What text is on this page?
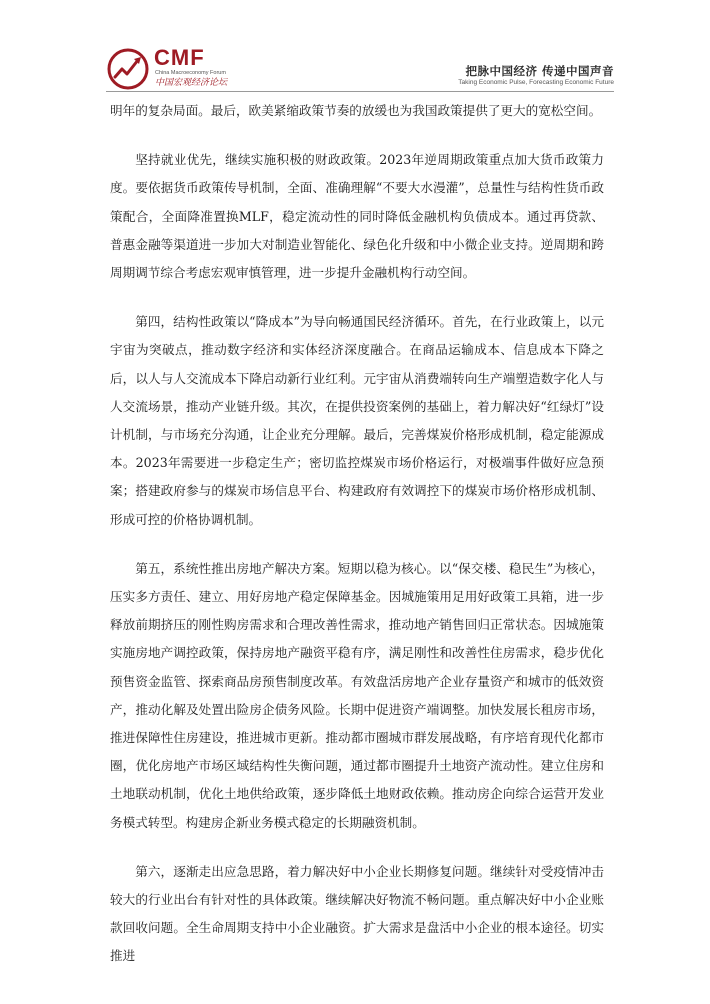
CMF
China Macroeconomy Forum
中国宏观经济论坛
把脉中国经济 传递中国声音
Taking Economic Pulse, Forecasting Economic Future

明年的复杂局面。最后，欧美紧缩政策节奏的放缓也为我国政策提供了更大的宽松空间。

坚持就业优先，继续实施积极的财政政策。2023年逆周期政策重点加大货币政策力度。要依据货币政策传导机制，全面、准确理解“不要大水漫灌”，总量性与结构性货币政策配合，全面降准置换MLF，稳定流动性的同时降低金融机构负债成本。通过再贷款、普惠金融等渠道进一步加大对制造业智能化、绿色化升级和中小微企业支持。逆周期和跨周期调节综合考虑宏观审慎管理，进一步提升金融机构行动空间。

第四，结构性政策以“降成本”为导向畅通国民经济循环。首先，在行业政策上，以元宇宙为突破点，推动数字经济和实体经济深度融合。在商品运输成本、信息成本下降之后，以人与人交流成本下降启动新行业红利。元宇宙从消费端转向生产端塑造数字化人与人交流场景，推动产业链升级。其次，在提供投资案例的基础上，着力解决好“红绿灯”设计机制，与市场充分沟通，让企业充分理解。最后，完善煤炭价格形成机制，稳定能源成本。2023年需要进一步稳定生产；密切监控煤炭市场价格运行，对极端事件做好应急预案；搭建政府参与的煤炭市场信息平台、构建政府有效调控下的煤炭市场价格形成机制、形成可控的价格协调机制。

第五，系统性推出房地产解决方案。短期以稳为核心。以“保交楼、稳民生”为核心，压实多方责任、建立、用好房地产稳定保障基金。因城施策用足用好政策工具箱，进一步释放前期挤压的刚性购房需求和合理改善性需求，推动地产销售回归正常状态。因城施策实施房地产调控政策，保持房地产融资平稳有序，满足刚性和改善性住房需求，稳步优化预售资金监管、探索商品房预售制度改革。有效盘活房地产企业存量资产和城市的低效资产，推动化解及处置出险房企债务风险。长期中促进资产端调整。加快发展长租房市场，推进保障性住房建设，推进城市更新。推动都市圈城市群发展战略，有序培育现代化都市圈，优化房地产市场区域结构性失衡问题，通过都市圈提升土地资产流动性。建立住房和土地联动机制，优化土地供给政策，逐步降低土地财政依赖。推动房企向综合运营开发业务模式转型。构建房企新业务模式稳定的长期融资机制。

第六，逐渐走出应急思路，着力解决好中小企业长期修复问题。继续针对受疫情冲击较大的行业出台有针对性的具体政策。继续解决好物流不畅问题。重点解决好中小企业账款回收问题。全生命周期支持中小企业融资。扩大需求是盘活中小企业的根本途径。切实推进
